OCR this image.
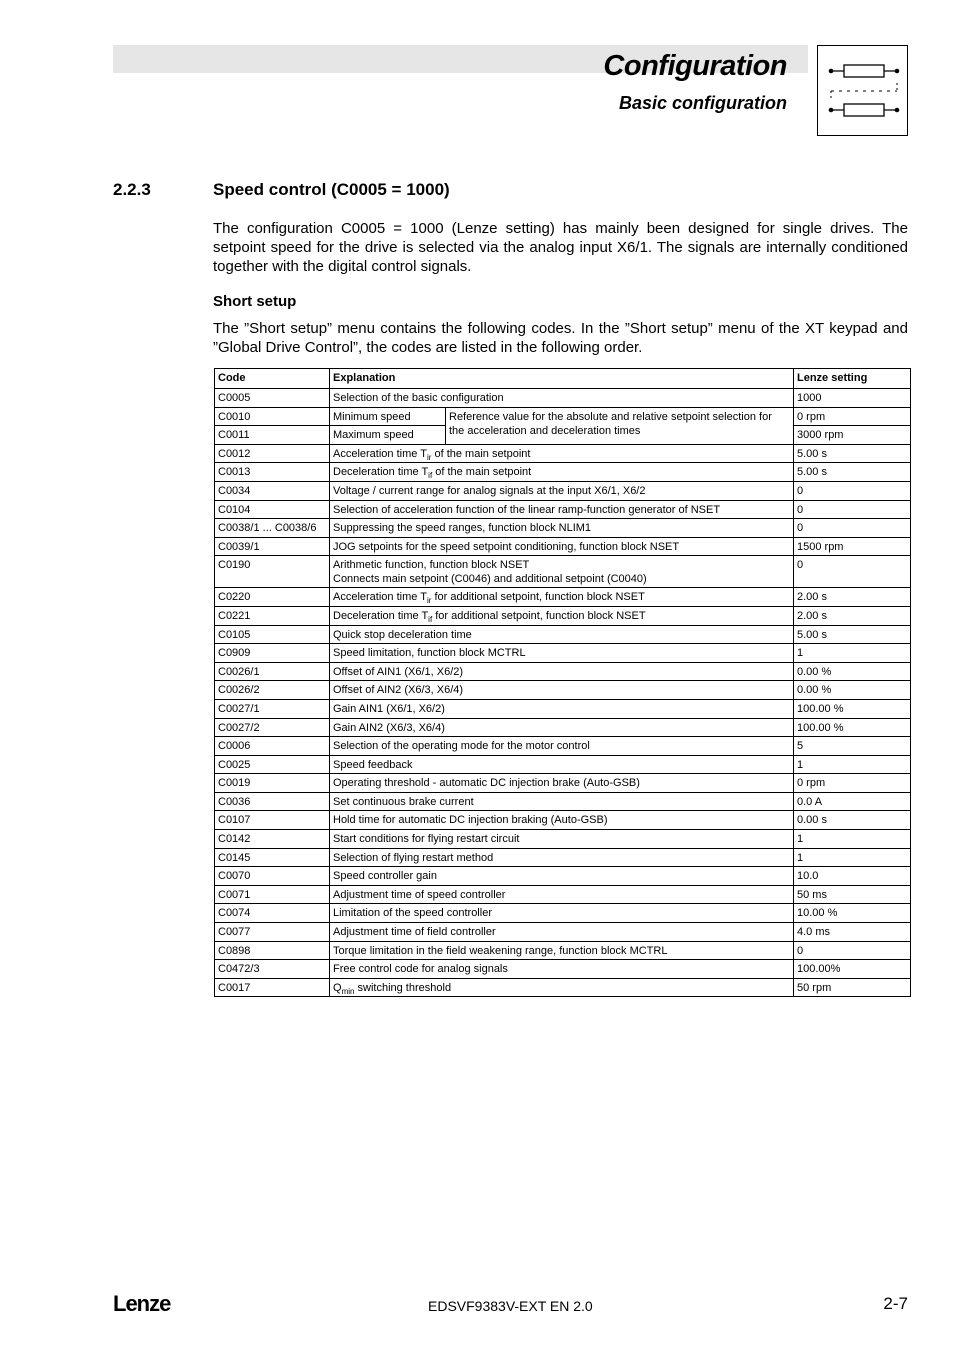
Configuration
Basic configuration
2.2.3	Speed control (C0005 = 1000)
The configuration C0005 = 1000 (Lenze setting) has mainly been designed for single drives. The setpoint speed for the drive is selected via the analog input X6/1. The signals are internally conditioned together with the digital control signals.
Short setup
The ”Short setup” menu contains the following codes. In the ”Short setup” menu of the XT keypad and ”Global Drive Control”, the codes are listed in the following order.
Code	Explanation		Lenze setting
C0005	Selection of the basic configuration		1000
C0010	Minimum speed	Reference value for the absolute and relative setpoint selection for the acceleration and deceleration times	0 rpm
C0011	Maximum speed		3000 rpm
C0012	Acceleration time $T_{ir}$ of the main setpoint		5.00 s
C0013	Deceleration time $T_{if}$ of the main setpoint		5.00 s
C0034	Voltage / current range for analog signals at the input X6/1, X6/2		0
C0104	Selection of acceleration function of the linear ramp-function generator of NSET		0
C0038/1 ... C0038/6	Suppressing the speed ranges, function block NLIM1		0
C0039/1	JOG setpoints for the speed setpoint conditioning, function block NSET		1500 rpm
C0190	Arithmetic function, function block NSET
Connects main setpoint (C0046) and additional setpoint (C0040)		0
C0220	Acceleration time $T_{ir}$ for additional setpoint, function block NSET		2.00 s
C0221	Deceleration time $T_{if}$ for additional setpoint, function block NSET		2.00 s
C0105	Quick stop deceleration time		5.00 s
C0909	Speed limitation, function block MCTRL		1
C0026/1	Offset of AIN1 (X6/1, X6/2)		0.00 %
C0026/2	Offset of AIN2 (X6/3, X6/4)		0.00 %
C0027/1	Gain AIN1 (X6/1, X6/2)		100.00 %
C0027/2	Gain AIN2 (X6/3, X6/4)		100.00 %
C0006	Selection of the operating mode for the motor control		5
C0025	Speed feedback		1
C0019	Operating threshold - automatic DC injection brake (Auto-GSB)		0 rpm
C0036	Set continuous brake current		0.0 A
C0107	Hold time for automatic DC injection braking (Auto-GSB)		0.00 s
C0142	Start conditions for flying restart circuit		1
C0145	Selection of flying restart method		1
C0070	Speed controller gain		10.0
C0071	Adjustment time of speed controller		50 ms
C0074	Limitation of the speed controller		10.00 %
C0077	Adjustment time of field controller		4.0 ms
C0898	Torque limitation in the field weakening range, function block MCTRL		0
C0472/3	Free control code for analog signals		100.00%
C0017	$Q_{min}$ switching threshold		50 rpm
Lenze	EDSVF9383V-EXT EN 2.0	2-7
